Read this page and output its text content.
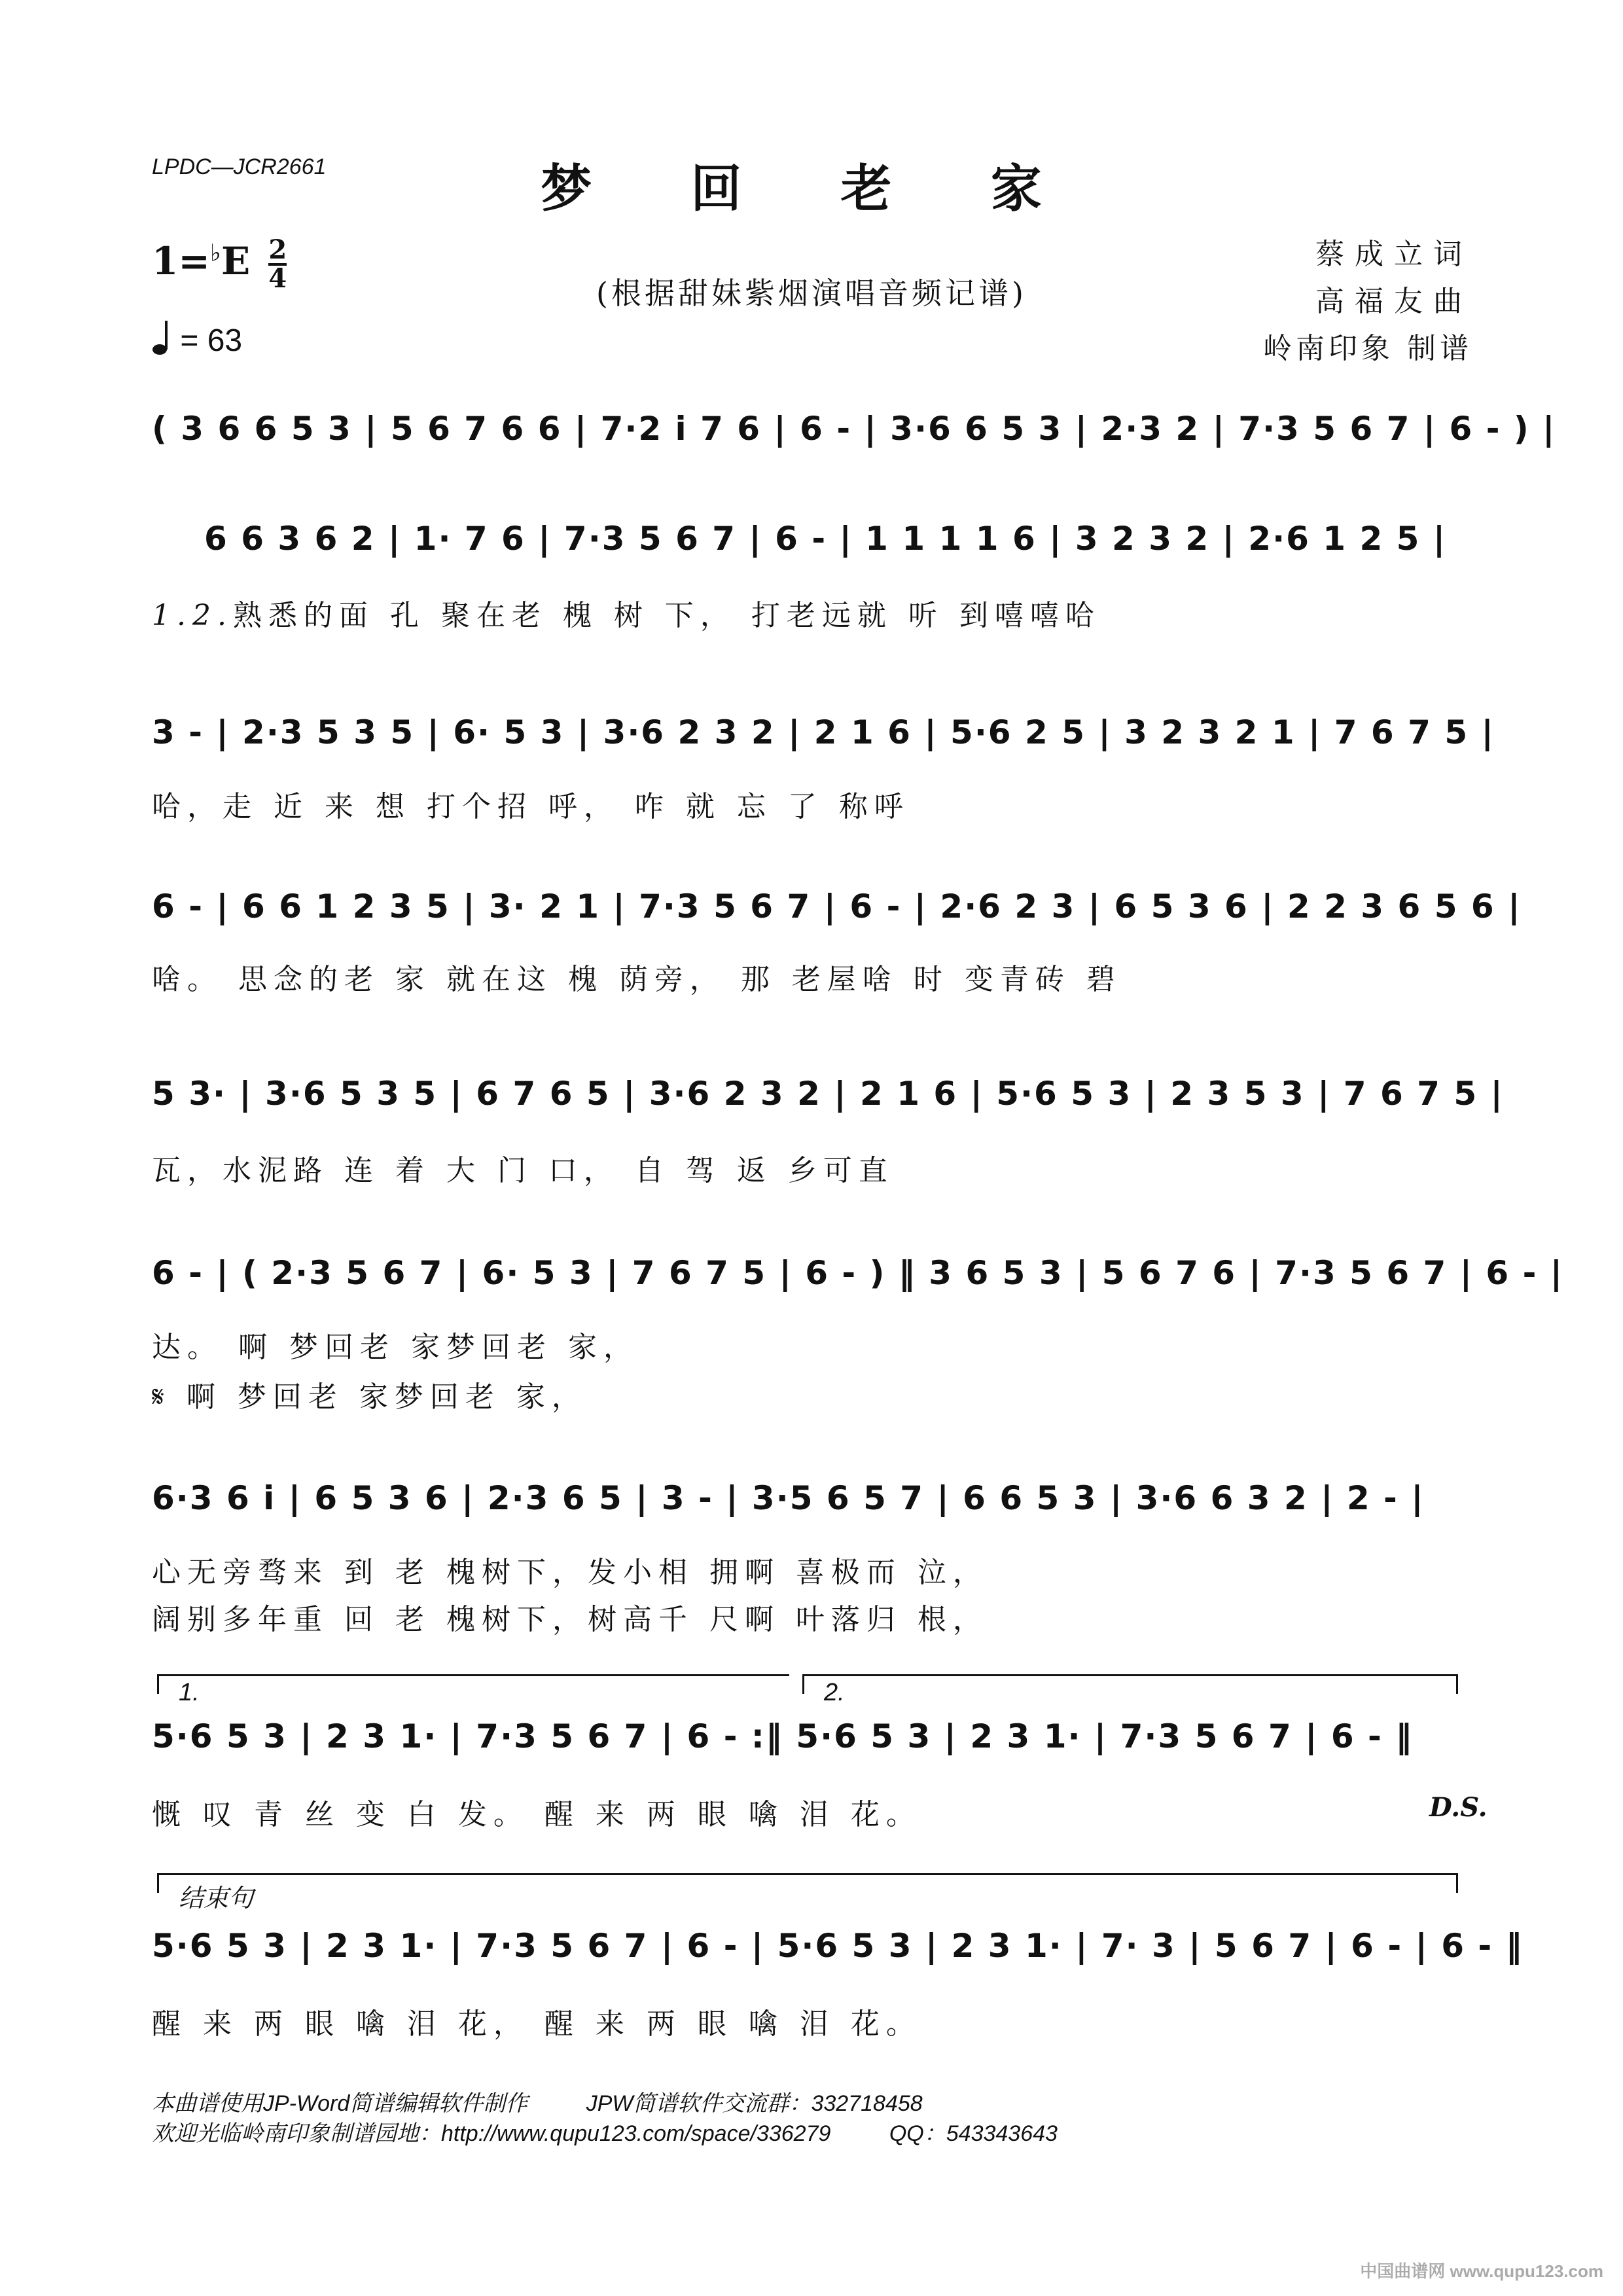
LPDC—JCR2661	梦 回 老 家
(根据甜妹紫烟演唱音频记谱)
$1=^♭E \frac{2}{4}$
= 63
蔡成立词
高福友曲
岭南印象 制谱
( 3 6 6 5 3 | 5 6 7 6 6 | 7·2 i 7 6 | 6 - | 3·6 6 5 3 | 2·3 2 | 7·3 5 6 7 | 6 - ) |
6 6 3 6 2 | 1· 7 6 | 7·3 5 6 7 | 6 - | 1 1 1 1 6 | 3 2 3 2 | 2·6 1 2 5 |
1.2.熟悉的面 孔 聚在老 槐 树 下， 打老远就 听 到嘻嘻哈
3 - | 2·3 5 3 5 | 6· 5 3 | 3·6 2 3 2 | 2 1 6 | 5·6 2 5 | 3 2 3 2 1 | 7 6 7 5 |
哈，走 近 来 想 打个招 呼， 咋 就 忘 了 称呼
6 - | 6 6 1 2 3 5 | 3· 2 1 | 7·3 5 6 7 | 6 - | 2·6 2 3 | 6 5 3 6 | 2 2 3 6 5 6 |
啥。 思念的老 家 就在这 槐 荫旁， 那 老屋啥 时 变青砖 碧
5 3· | 3·6 5 3 5 | 6 7 6 5 | 3·6 2 3 2 | 2 1 6 | 5·6 5 3 | 2 3 5 3 | 7 6 7 5 |
瓦，水泥路 连 着 大 门 口， 自 驾 返 乡可直
6 - | ( 2·3 5 6 7 | 6· 5 3 | 7 6 7 5 | 6 - ) ‖ 3 6 5 3 | 5 6 7 6 | 7·3 5 6 7 | 6 - |
达。 啊 梦回老 家梦回老 家，
𝄋 啊 梦回老 家梦回老 家，
6·3 6 i | 6 5 3 6 | 2·3 6 5 | 3 - | 3·5 6 5 7 | 6 6 5 3 | 3·6 6 3 2 | 2 - |
心无旁骛来 到 老 槐树下，发小相 拥啊 喜极而 泣，
阔别多年重 回 老 槐树下，树高千 尺啊 叶落归 根，
1.	2.
5·6 5 3 | 2 3 1· | 7·3 5 6 7 | 6 - :‖ 5·6 5 3 | 2 3 1· | 7·3 5 6 7 | 6 - ‖
慨 叹 青 丝 变 白 发。 醒 来 两 眼 噙 泪 花。	D.S.
结束句
5·6 5 3 | 2 3 1· | 7·3 5 6 7 | 6 - | 5·6 5 3 | 2 3 1· | 7· 3 | 5 6 7 | 6 - | 6 - ‖
醒 来 两 眼 噙 泪 花， 醒 来 两 眼 噙 泪 花。
本曲谱使用JP-Word简谱编辑软件制作	JPW简谱软件交流群：332718458
欢迎光临岭南印象制谱园地：http://www.qupu123.com/space/336279	QQ：543343643
中国曲谱网 www.qupu123.com
